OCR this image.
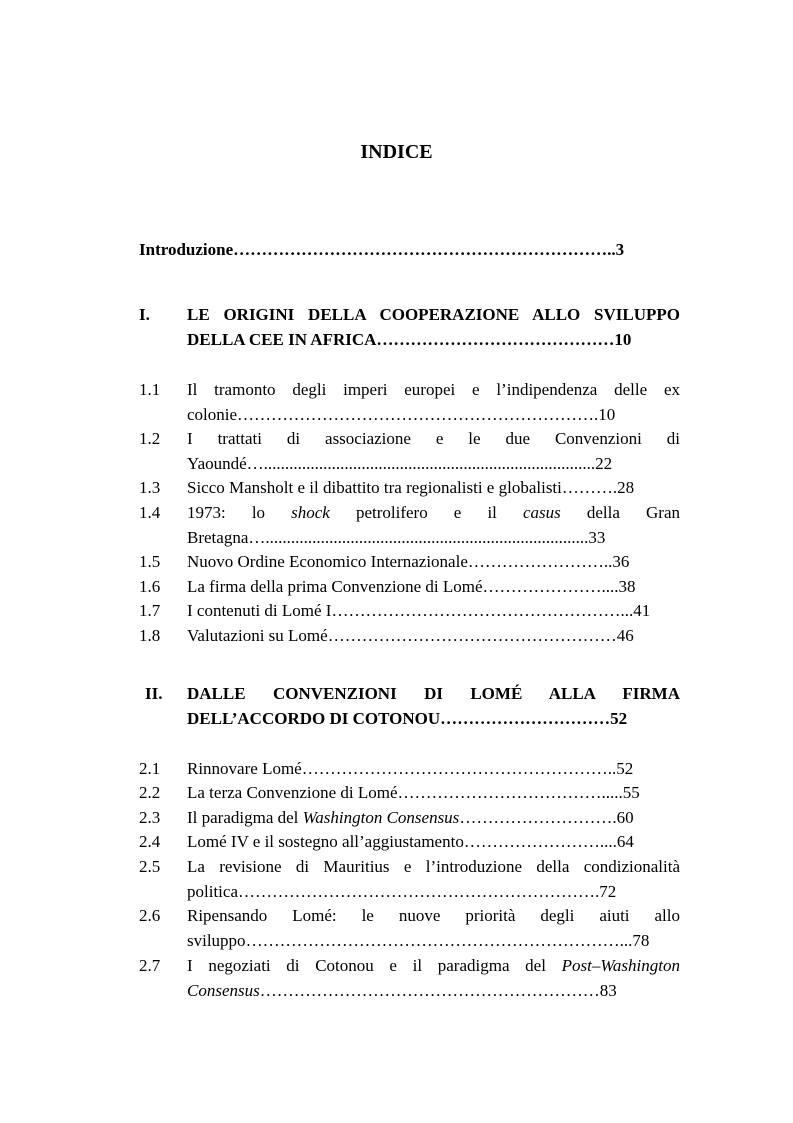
INDICE
Introduzione…………………………………………………………..3
I. LE ORIGINI DELLA COOPERAZIONE ALLO SVILUPPO
DELLA CEE IN AFRICA……………………………………10
1.1 Il tramonto degli imperi europei e l’indipendenza delle ex
colonie……………………………………………………….10
1.2 I trattati di associazione e le due Convenzioni di
Yaoundé…..............................................................................22
1.3 Sicco Mansholt e il dibattito tra regionalisti e globalisti……….28
1.4 1973: lo shock petrolifero e il casus della Gran
Bretagna…............................................................................33
1.5 Nuovo Ordine Economico Internazionale……………………..36
1.6 La firma della prima Convenzione di Lomé…………………....38
1.7 I contenuti di Lomé I……………………………………………...41
1.8 Valutazioni su Lomé……………………………………………46
II. DALLE CONVENZIONI DI LOMÉ ALLA FIRMA
DELL’ACCORDO DI COTONOU…………………………52
2.1 Rinnovare Lomé………………………………………………..52
2.2 La terza Convenzione di Lomé……………………………….....55
2.3 Il paradigma del Washington Consensus……………………….60
2.4 Lomé IV e il sostegno all’aggiustamento……………………....64
2.5 La revisione di Mauritius e l’introduzione della condizionalità
politica……………………………………………………….72
2.6 Ripensando Lomé: le nuove priorità degli aiuti allo
sviluppo…………………………………………………………...78
2.7 I negoziati di Cotonou e il paradigma del Post–Washington
Consensus……………………………………………………83
